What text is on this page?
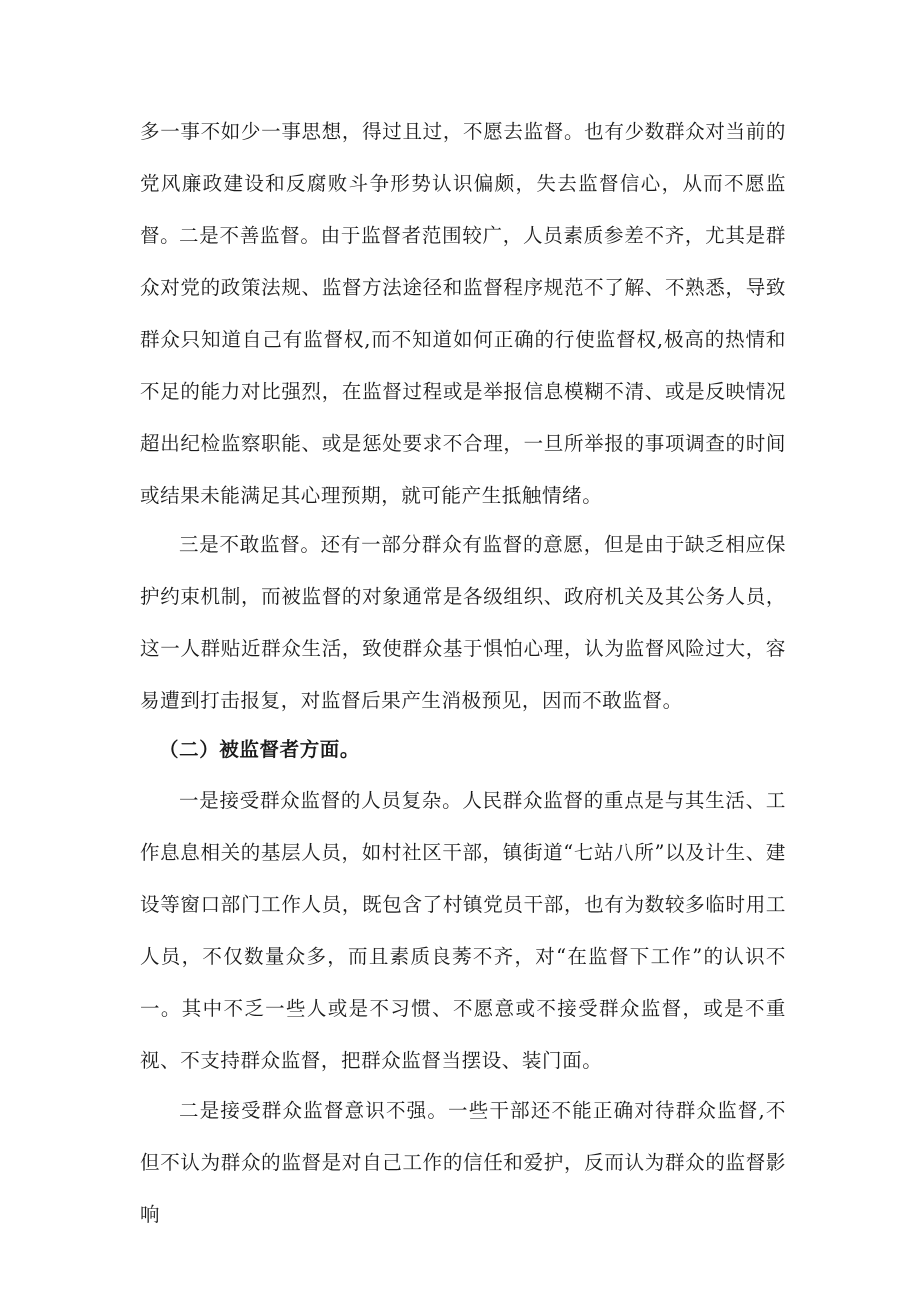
多一事不如少一事思想，得过且过，不愿去监督。也有少数群众对当前的党风廉政建设和反腐败斗争形势认识偏颇，失去监督信心，从而不愿监督。

二是不善监督。由于监督者范围较广，人员素质参差不齐，尤其是群众对党的政策法规、监督方法途径和监督程序规范不了解、不熟悉，导致群众只知道自己有监督权,而不知道如何正确的行使监督权,极高的热情和不足的能力对比强烈，在监督过程或是举报信息模糊不清、或是反映情况超出纪检监察职能、或是惩处要求不合理，一旦所举报的事项调查的时间或结果未能满足其心理预期，就可能产生抵触情绪。

三是不敢监督。还有一部分群众有监督的意愿，但是由于缺乏相应保护约束机制，而被监督的对象通常是各级组织、政府机关及其公务人员，这一人群贴近群众生活，致使群众基于惧怕心理，认为监督风险过大，容易遭到打击报复，对监督后果产生消极预见，因而不敢监督。

（二）被监督者方面。

一是接受群众监督的人员复杂。人民群众监督的重点是与其生活、工作息息相关的基层人员，如村社区干部，镇街道“七站八所”以及计生、建设等窗口部门工作人员，既包含了村镇党员干部，也有为数较多临时用工人员，不仅数量众多，而且素质良莠不齐，对“在监督下工作”的认识不一。其中不乏一些人或是不习惯、不愿意或不接受群众监督，或是不重视、不支持群众监督，把群众监督当摆设、装门面。

二是接受群众监督意识不强。一些干部还不能正确对待群众监督,不但不认为群众的监督是对自己工作的信任和爱护，反而认为群众的监督影响
